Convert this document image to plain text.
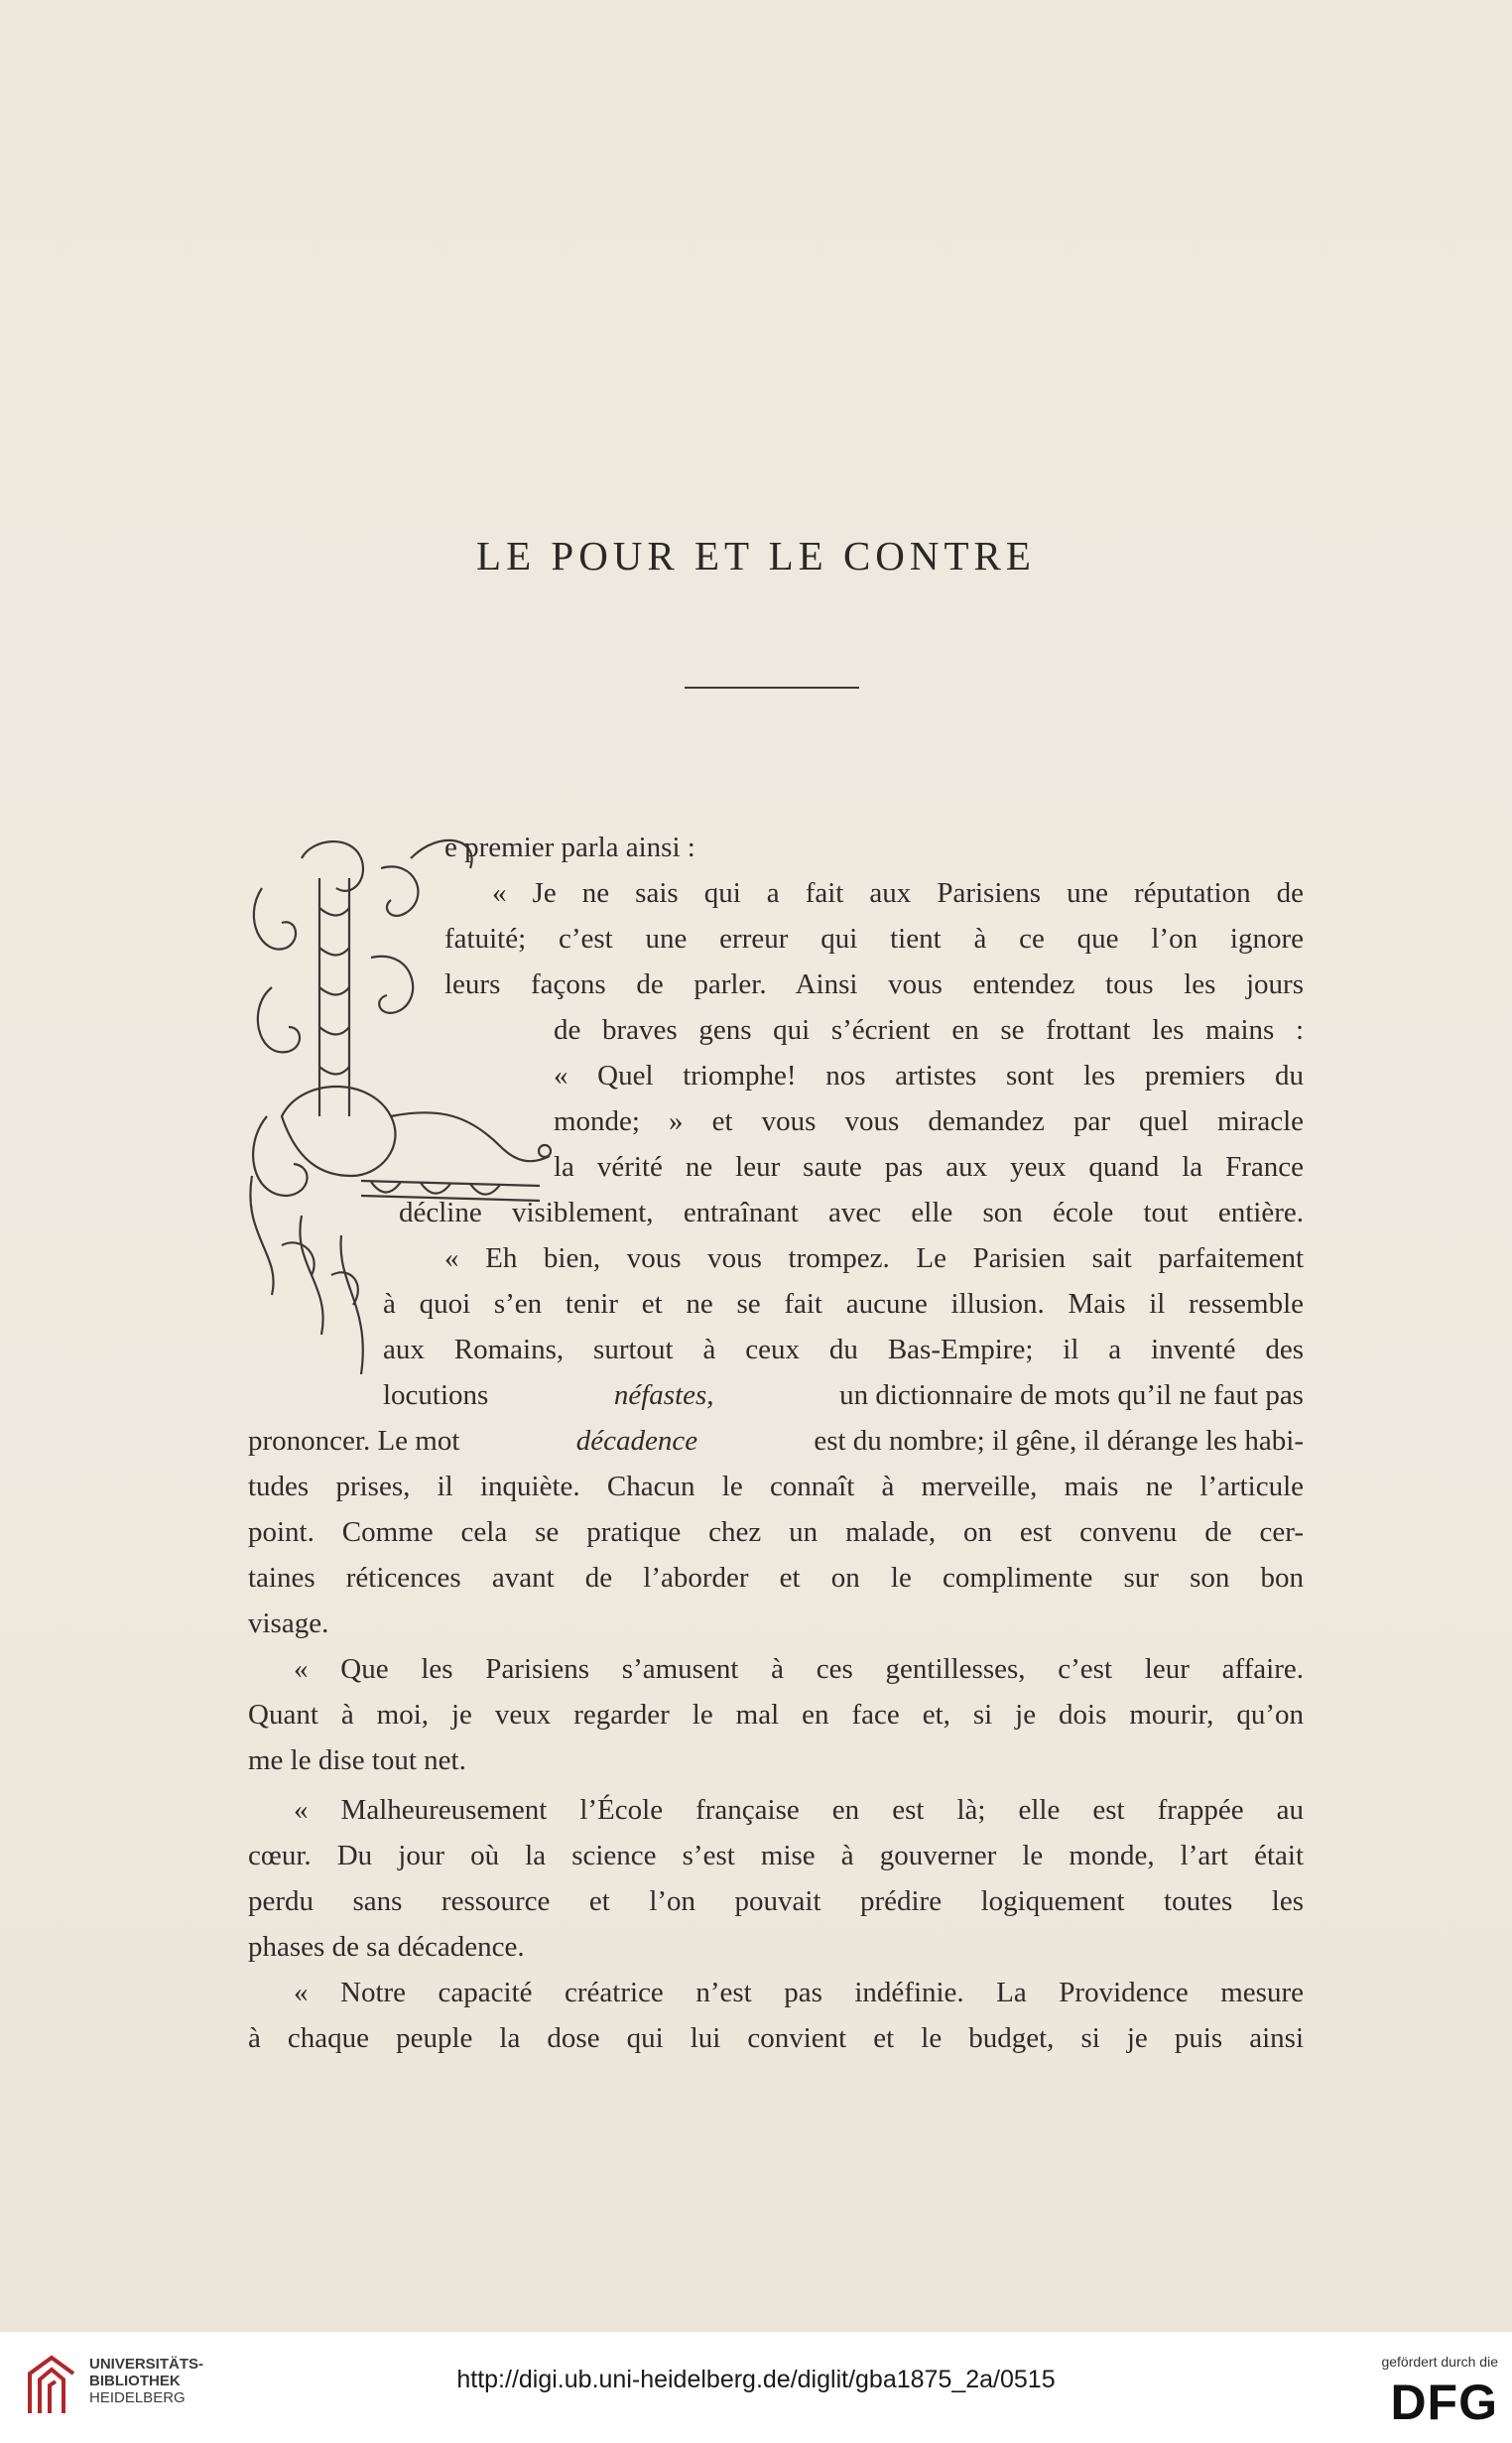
LE POUR ET LE CONTRE
e premier parla ainsi :
« Je ne sais qui a fait aux Parisiens une réputation de
fatuité; c’est une erreur qui tient à ce que l’on ignore
leurs façons de parler. Ainsi vous entendez tous les jours
de braves gens qui s’écrient en se frottant les mains :
« Quel triomphe! nos artistes sont les premiers du
monde; » et vous vous demandez par quel miracle
la vérité ne leur saute pas aux yeux quand la France
décline visiblement, entraînant avec elle son école tout entière.
« Eh bien, vous vous trompez. Le Parisien sait parfaitement
à quoi s’en tenir et ne se fait aucune illusion. Mais il ressemble
aux Romains, surtout à ceux du Bas-Empire; il a inventé des
locutions	néfastes,	un dictionnaire de mots qu’il ne faut pas
prononcer. Le mot	décadence	est du nombre; il gêne, il dérange les habi-
tudes prises, il inquiète. Chacun le connaît à merveille, mais ne l’articule
point. Comme cela se pratique chez un malade, on est convenu de cer-
taines réticences avant de l’aborder et on le complimente sur son bon
visage.
« Que les Parisiens s’amusent à ces gentillesses, c’est leur affaire.
Quant à moi, je veux regarder le mal en face et, si je dois mourir, qu’on
me le dise tout net.
« Malheureusement l’École française en est là; elle est frappée au
cœur. Du jour où la science s’est mise à gouverner le monde, l’art était
perdu sans ressource et l’on pouvait prédire logiquement toutes les
phases de sa décadence.
« Notre capacité créatrice n’est pas indéfinie. La Providence mesure
à chaque peuple la dose qui lui convient et le budget, si je puis ainsi
UNIVERSITÄTS-
BIBLIOTHEK
HEIDELBERG
http://digi.ub.uni-heidelberg.de/diglit/gba1875_2a/0515
gefördert durch die
DFG
